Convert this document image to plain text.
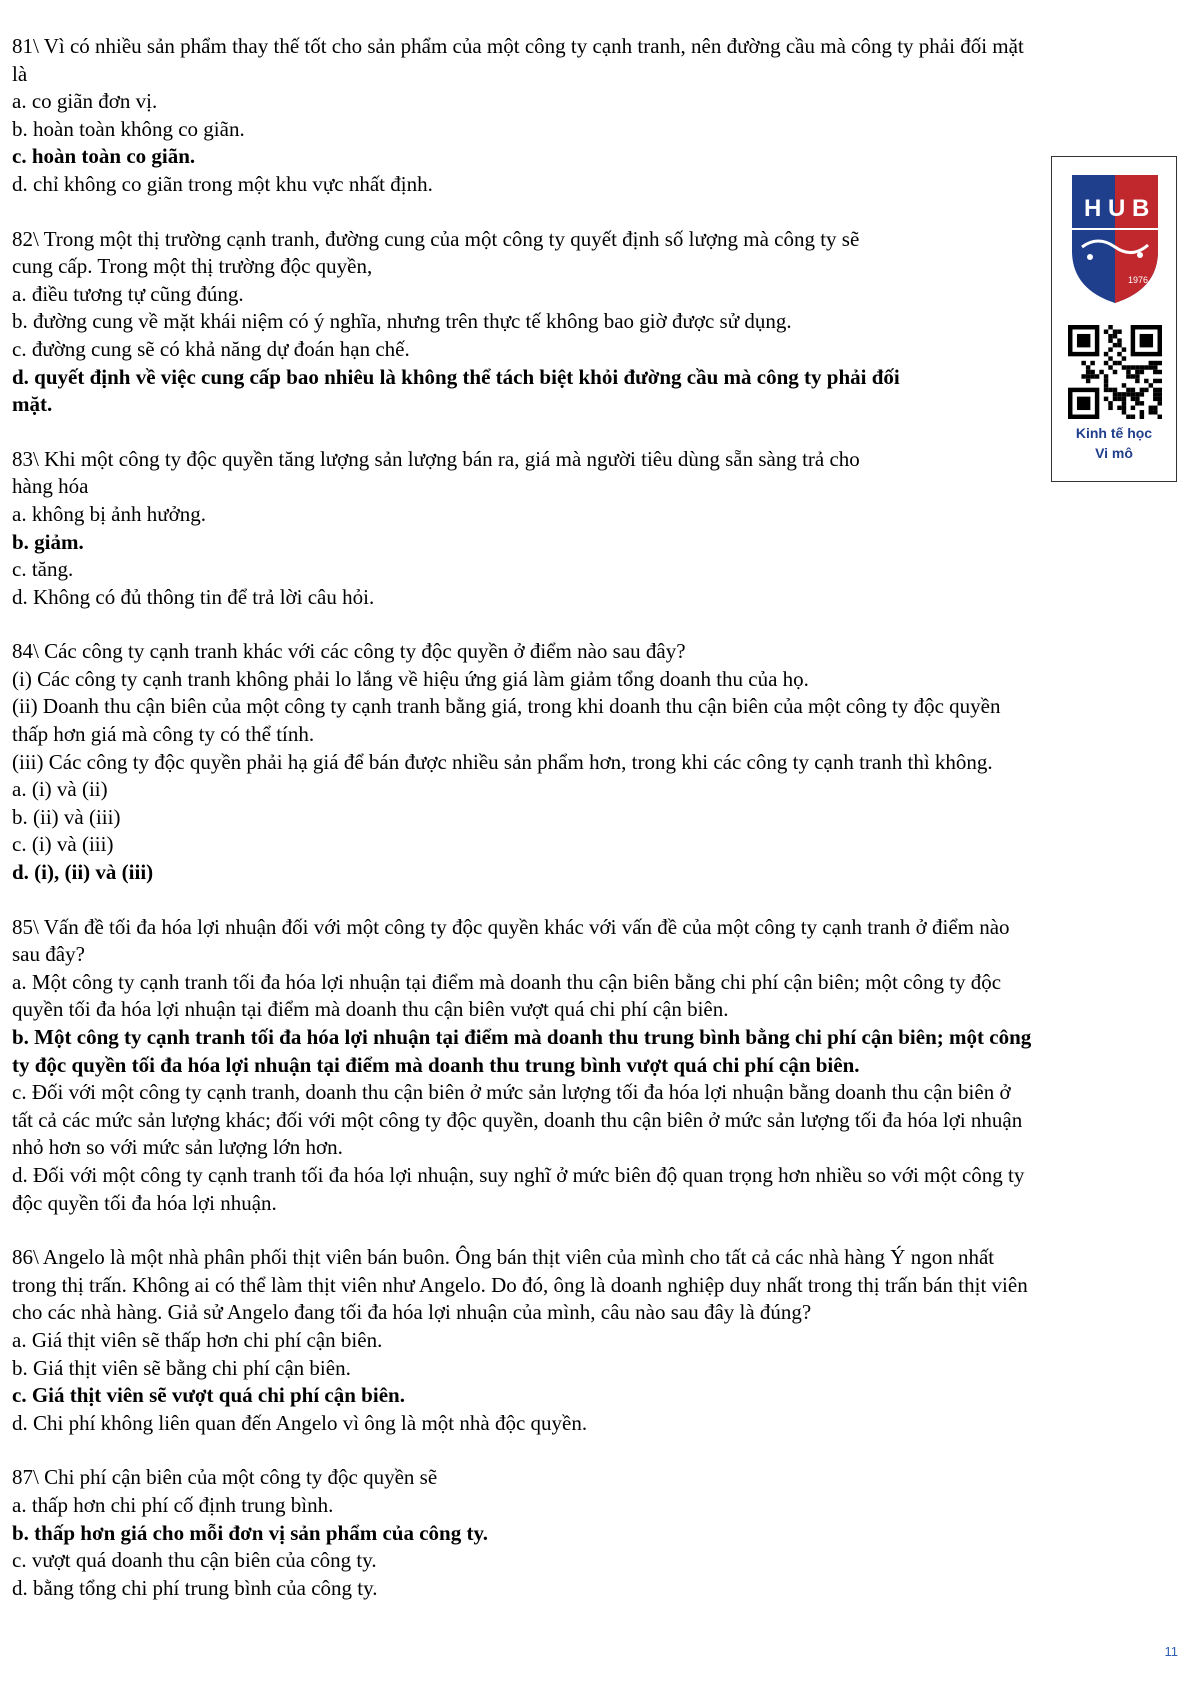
81\ Vì có nhiều sản phẩm thay thế tốt cho sản phẩm của một công ty cạnh tranh, nên đường cầu mà công ty phải đối mặt
là
a. co giãn đơn vị.
b. hoàn toàn không co giãn.
c. hoàn toàn co giãn.
d. chỉ không co giãn trong một khu vực nhất định.
82\ Trong một thị trường cạnh tranh, đường cung của một công ty quyết định số lượng mà công ty sẽ
cung cấp. Trong một thị trường độc quyền,
a. điều tương tự cũng đúng.
b. đường cung về mặt khái niệm có ý nghĩa, nhưng trên thực tế không bao giờ được sử dụng.
c. đường cung sẽ có khả năng dự đoán hạn chế.
d. quyết định về việc cung cấp bao nhiêu là không thể tách biệt khỏi đường cầu mà công ty phải đối
mặt.
83\ Khi một công ty độc quyền tăng lượng sản lượng bán ra, giá mà người tiêu dùng sẵn sàng trả cho
hàng hóa
a. không bị ảnh hưởng.
b. giảm.
c. tăng.
d. Không có đủ thông tin để trả lời câu hỏi.
84\ Các công ty cạnh tranh khác với các công ty độc quyền ở điểm nào sau đây?
(i) Các công ty cạnh tranh không phải lo lắng về hiệu ứng giá làm giảm tổng doanh thu của họ.
(ii) Doanh thu cận biên của một công ty cạnh tranh bằng giá, trong khi doanh thu cận biên của một công ty độc quyền
thấp hơn giá mà công ty có thể tính.
(iii) Các công ty độc quyền phải hạ giá để bán được nhiều sản phẩm hơn, trong khi các công ty cạnh tranh thì không.
a. (i) và (ii)
b. (ii) và (iii)
c. (i) và (iii)
d. (i), (ii) và (iii)
85\ Vấn đề tối đa hóa lợi nhuận đối với một công ty độc quyền khác với vấn đề của một công ty cạnh tranh ở điểm nào
sau đây?
a. Một công ty cạnh tranh tối đa hóa lợi nhuận tại điểm mà doanh thu cận biên bằng chi phí cận biên; một công ty độc
quyền tối đa hóa lợi nhuận tại điểm mà doanh thu cận biên vượt quá chi phí cận biên.
b. Một công ty cạnh tranh tối đa hóa lợi nhuận tại điểm mà doanh thu trung bình bằng chi phí cận biên; một công
ty độc quyền tối đa hóa lợi nhuận tại điểm mà doanh thu trung bình vượt quá chi phí cận biên.
c. Đối với một công ty cạnh tranh, doanh thu cận biên ở mức sản lượng tối đa hóa lợi nhuận bằng doanh thu cận biên ở
tất cả các mức sản lượng khác; đối với một công ty độc quyền, doanh thu cận biên ở mức sản lượng tối đa hóa lợi nhuận
nhỏ hơn so với mức sản lượng lớn hơn.
d. Đối với một công ty cạnh tranh tối đa hóa lợi nhuận, suy nghĩ ở mức biên độ quan trọng hơn nhiều so với một công ty
độc quyền tối đa hóa lợi nhuận.
86\ Angelo là một nhà phân phối thịt viên bán buôn. Ông bán thịt viên của mình cho tất cả các nhà hàng Ý ngon nhất
trong thị trấn. Không ai có thể làm thịt viên như Angelo. Do đó, ông là doanh nghiệp duy nhất trong thị trấn bán thịt viên
cho các nhà hàng. Giả sử Angelo đang tối đa hóa lợi nhuận của mình, câu nào sau đây là đúng?
a. Giá thịt viên sẽ thấp hơn chi phí cận biên.
b. Giá thịt viên sẽ bằng chi phí cận biên.
c. Giá thịt viên sẽ vượt quá chi phí cận biên.
d. Chi phí không liên quan đến Angelo vì ông là một nhà độc quyền.
87\ Chi phí cận biên của một công ty độc quyền sẽ
a. thấp hơn chi phí cố định trung bình.
b. thấp hơn giá cho mỗi đơn vị sản phẩm của công ty.
c. vượt quá doanh thu cận biên của công ty.
d. bằng tổng chi phí trung bình của công ty.
H U B
1976
Kinh tế học
Vi mô
11
